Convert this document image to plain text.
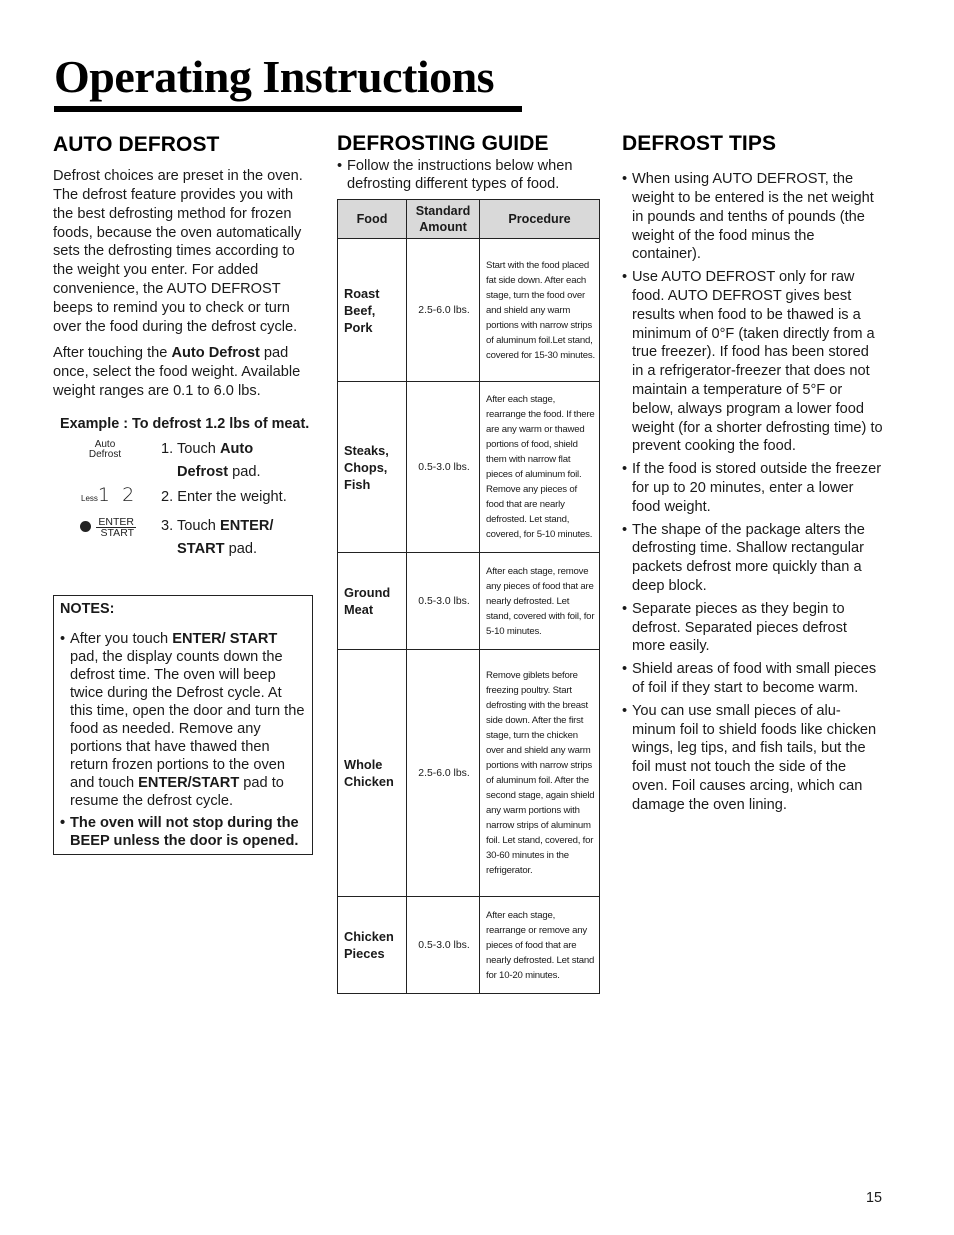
Operating Instructions
AUTO DEFROST

Defrost choices are preset in the oven. The defrost feature provides you with the best defrosting method for frozen foods, because the oven automatically sets the defrosting times according to the weight you enter. For added convenience, the AUTO DEFROST beeps to remind you to check or turn over the food during the defrost cycle.

After touching the Auto Defrost pad once, select the food weight. Available weight ranges are 0.1 to 6.0 lbs.

Example : To defrost 1.2 lbs of meat.
Auto
Defrost	1. Touch Auto
Defrost pad.
Less1  2	2. Enter the weight.
ENTER
START 3. Touch ENTER/
START pad.
NOTES:
• After you touch ENTER/ START pad, the display counts down the defrost time. The oven will beep twice during the Defrost cycle. At this time, open the door and turn the food as needed. Remove any portions that have thawed then return frozen portions to the oven and touch ENTER/START pad to resume the defrost cycle.
• The oven will not stop during the BEEP unless the door is opened.
DEFROSTING GUIDE
• Follow the instructions below when defrosting different types of food.
Food	Standard Amount	Procedure
Roast Beef, Pork	2.5-6.0 lbs.	Start with the food placed fat side down. After each stage, turn the food over and shield any warm portions with narrow strips of aluminum foil.Let stand, covered for 15-30 minutes.
Steaks, Chops, Fish	0.5-3.0 lbs.	After each stage, rearrange the food. If there are any warm or thawed portions of food, shield them with narrow flat pieces of aluminum foil. Remove any pieces of food that are nearly defrosted. Let stand, covered, for 5-10 minutes.
Ground Meat	0.5-3.0 lbs.	After each stage, remove any pieces of food that are nearly defrosted. Let stand, covered with foil, for 5-10 minutes.
Whole Chicken	2.5-6.0 lbs.	Remove giblets before freezing poultry. Start defrosting with the breast side down. After the first stage, turn the chicken over and shield any warm portions with narrow strips of aluminum foil. After the second stage, again shield any warm portions with narrow strips of aluminum foil. Let stand, covered, for 30-60 minutes in the refrigerator.
Chicken Pieces	0.5-3.0 lbs.	After each stage, rearrange or remove any pieces of food that are nearly defrosted. Let stand for 10-20 minutes.
DEFROST TIPS
• When using AUTO DEFROST, the weight to be entered is the net weight in pounds and tenths of pounds (the weight of the food minus the container).
• Use AUTO DEFROST only for raw food. AUTO DEFROST gives best results when food to be thawed is a minimum of 0°F (taken directly from a true freezer). If food has been stored in a refrigerator-freezer that does not maintain a temperature of 5°F or below, always program a lower food weight (for a shorter defrosting time) to prevent cooking the food.
• If the food is stored outside the freezer for up to 20 minutes, enter a lower food weight.
• The shape of the package alters the defrosting time. Shallow rectangular packets defrost more quickly than a deep block.
• Separate pieces as they begin to defrost. Separated pieces defrost more easily.
• Shield areas of food with small pieces of foil if they start to become warm.
• You can use small pieces of alu-minum foil to shield foods like chicken wings, leg tips, and fish tails, but the foil must not touch the side of the oven. Foil causes arcing, which can damage the oven lining.
15
